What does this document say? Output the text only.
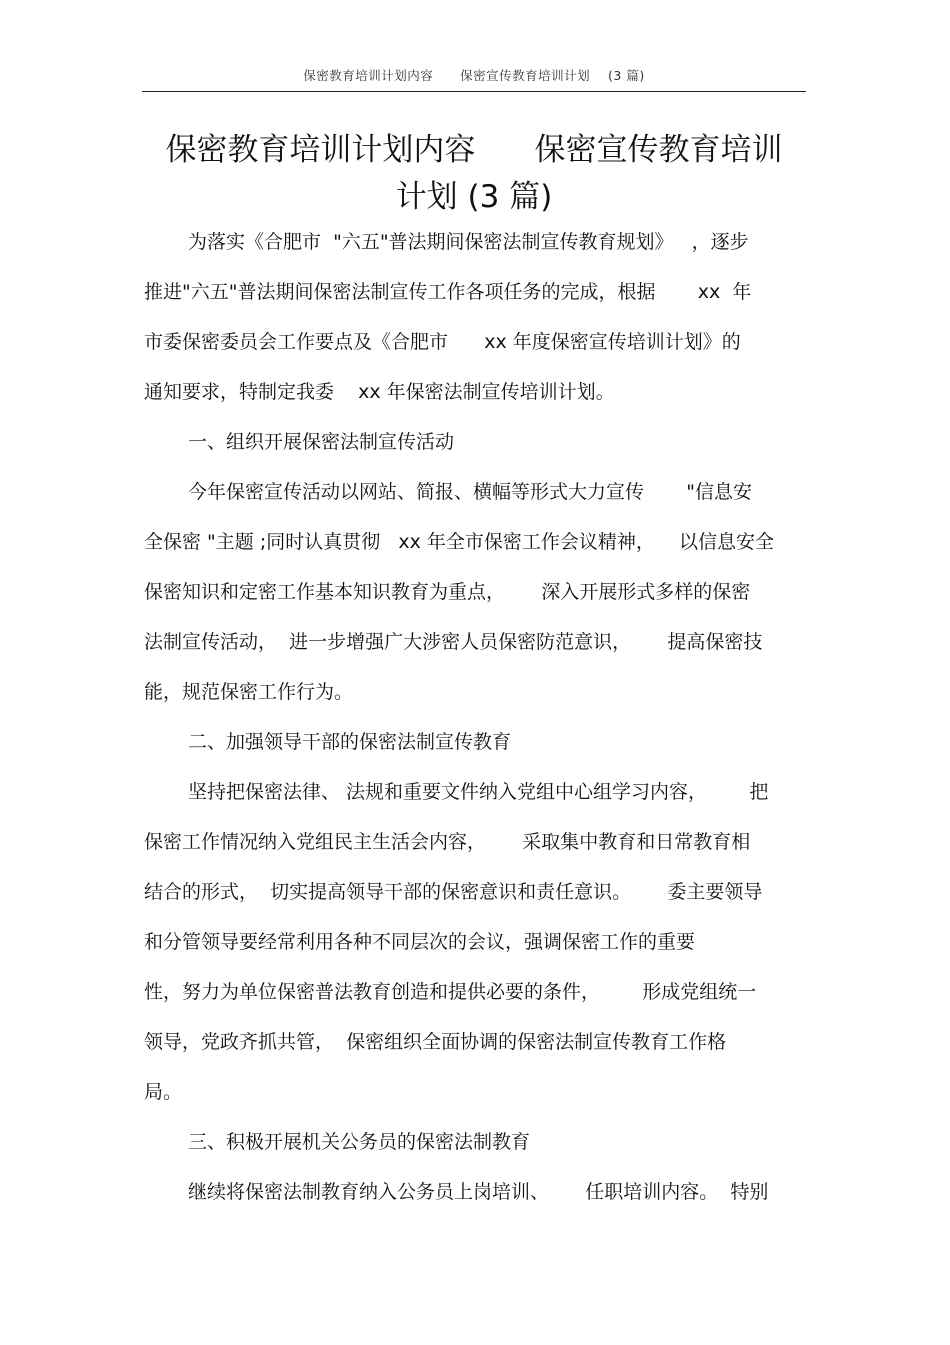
保密教育培训计划内容      保密宣传教育培训计划    (3 篇)
保密教育培训计划内容      保密宣传教育培训
计划 (3 篇)
为落实《合肥市  "六五"普法期间保密法制宣传教育规划》   ，逐步
推进"六五"普法期间保密法制宣传工作各项任务的完成，根据       xx  年
市委保密委员会工作要点及《合肥市      xx 年度保密宣传培训计划》的
通知要求，特制定我委    xx 年保密法制宣传培训计划。
一、组织开展保密法制宣传活动
今年保密宣传活动以网站、简报、横幅等形式大力宣传       "信息安
全保密 "主题 ;同时认真贯彻   xx 年全市保密工作会议精神，    以信息安全
保密知识和定密工作基本知识教育为重点，      深入开展形式多样的保密
法制宣传活动，  进一步增强广大涉密人员保密防范意识，      提高保密技
能，规范保密工作行为。
二、加强领导干部的保密法制宣传教育
坚持把保密法律、 法规和重要文件纳入党组中心组学习内容，       把
保密工作情况纳入党组民主生活会内容，      采取集中教育和日常教育相
结合的形式，  切实提高领导干部的保密意识和责任意识。      委主要领导
和分管领导要经常利用各种不同层次的会议，强调保密工作的重要
性，努力为单位保密普法教育创造和提供必要的条件，       形成党组统一
领导，党政齐抓共管，  保密组织全面协调的保密法制宣传教育工作格
局。
三、积极开展机关公务员的保密法制教育
继续将保密法制教育纳入公务员上岗培训、      任职培训内容。  特别
